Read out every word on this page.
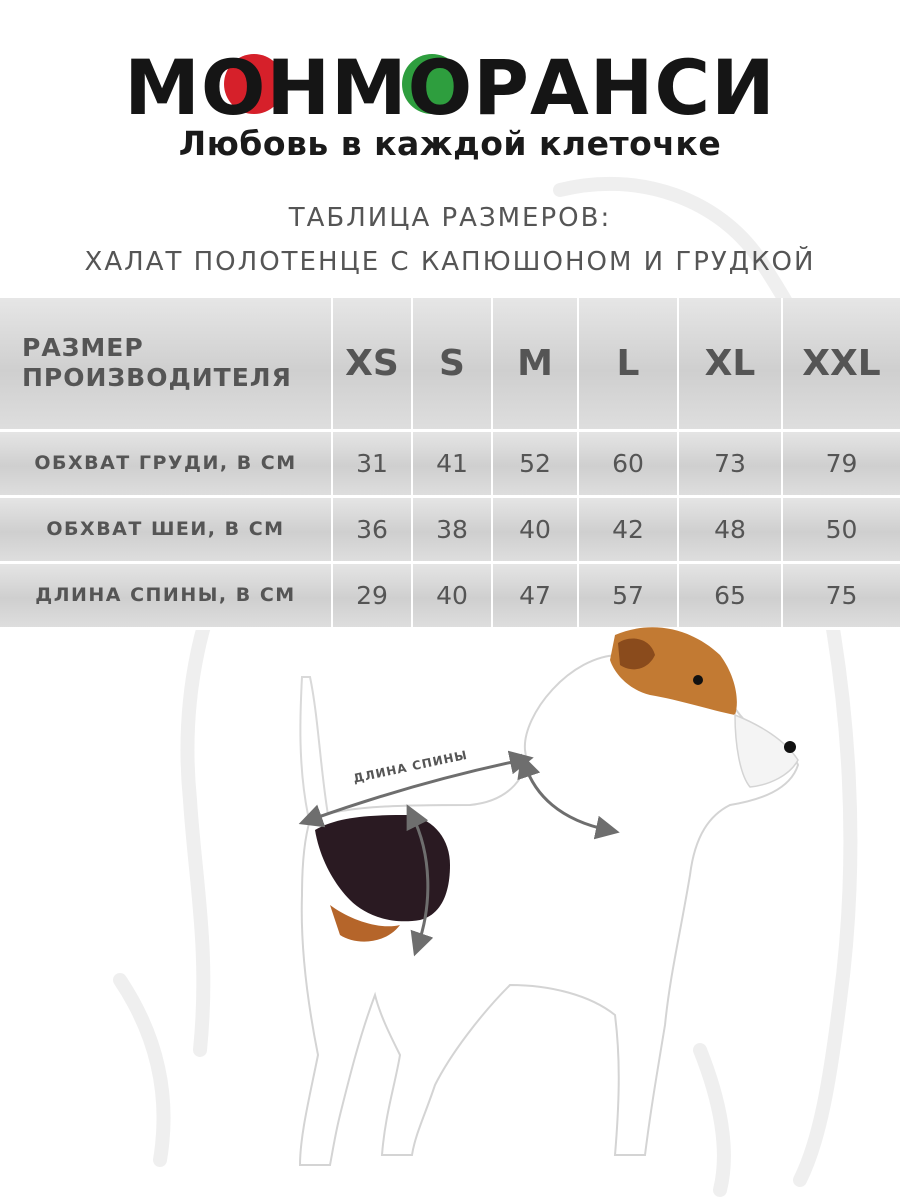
МОНМОРАНСИ
Любовь в каждой клеточке
ТАБЛИЦА РАЗМЕРОВ:
ХАЛАТ ПОЛОТЕНЦЕ С КАПЮШОНОМ И ГРУДКОЙ
РАЗМЕР
ПРОИЗВОДИТЕЛЯ	XS	S	M	L	XL	XXL
ОБХВАТ ГРУДИ, В СМ	31	41	52	60	73	79
ОБХВАТ ШЕИ, В СМ	36	38	40	42	48	50
ДЛИНА СПИНЫ, В СМ	29	40	47	57	65	75
ДЛИНА СПИНЫ
